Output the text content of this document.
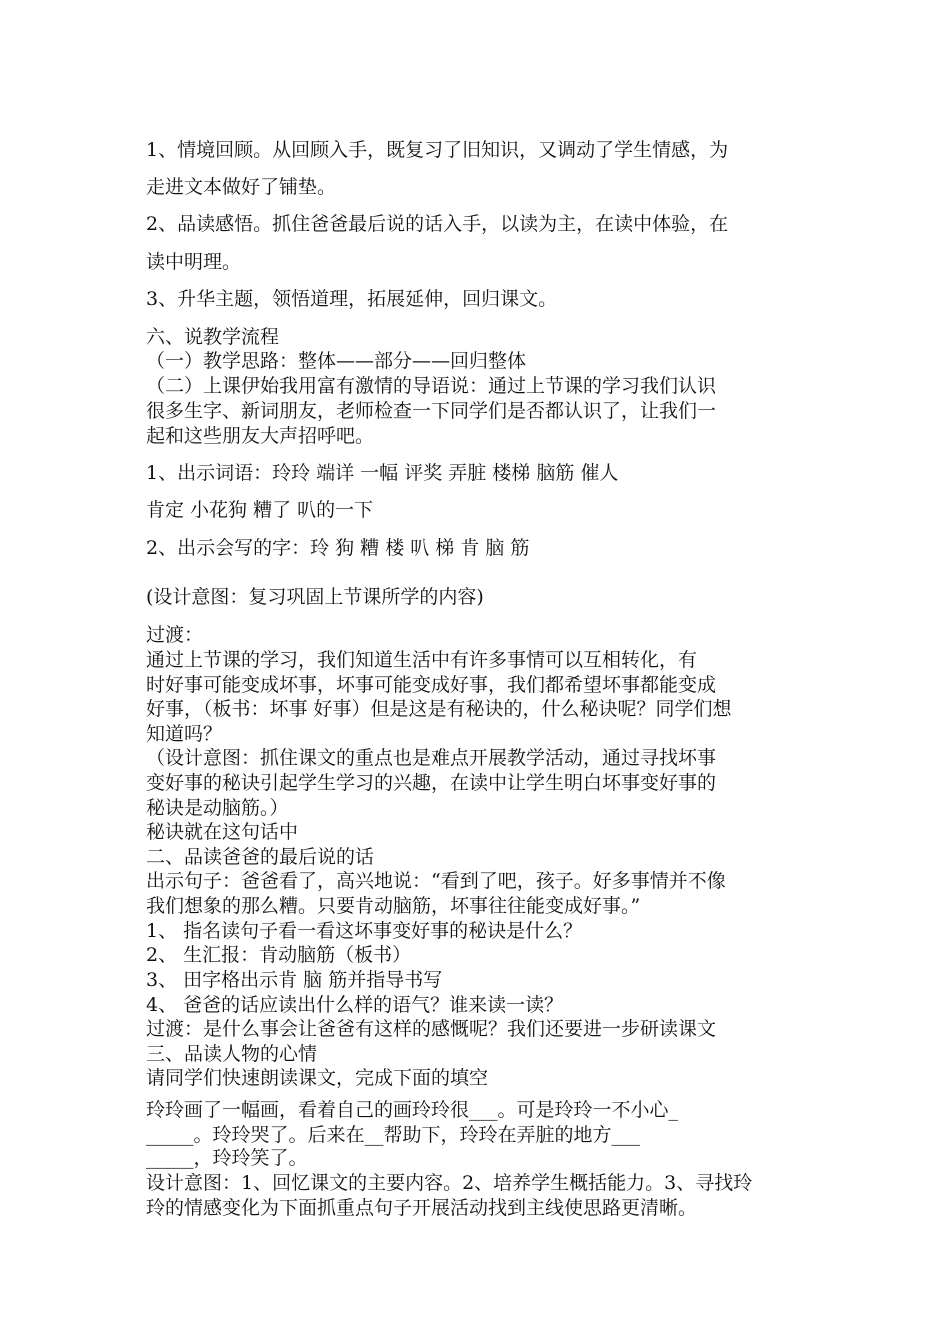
1、情境回顾。从回顾入手，既复习了旧知识，又调动了学生情感，为
走进文本做好了铺垫。
2、品读感悟。抓住爸爸最后说的话入手，以读为主，在读中体验，在
读中明理。
3、升华主题，领悟道理，拓展延伸，回归课文。
六、说教学流程
（一）教学思路：整体——部分——回归整体
（二）上课伊始我用富有激情的导语说：通过上节课的学习我们认识
很多生字、新词朋友，老师检查一下同学们是否都认识了，让我们一
起和这些朋友大声招呼吧。
1、出示词语：玲玲 端详 一幅 评奖 弄脏 楼梯 脑筋 催人
肯定 小花狗 糟了 叭的一下
2、出示会写的字：玲 狗 糟 楼 叭 梯 肯 脑 筋
(设计意图：复习巩固上节课所学的内容)
过渡：
通过上节课的学习，我们知道生活中有许多事情可以互相转化，有
时好事可能变成坏事，坏事可能变成好事，我们都希望坏事都能变成
好事，（板书：坏事 好事）但是这是有秘诀的，什么秘诀呢？同学们想
知道吗？
（设计意图：抓住课文的重点也是难点开展教学活动，通过寻找坏事
变好事的秘诀引起学生学习的兴趣，在读中让学生明白坏事变好事的
秘诀是动脑筋。）
秘诀就在这句话中
二、品读爸爸的最后说的话
出示句子：爸爸看了，高兴地说：“看到了吧，孩子。好多事情并不像
我们想象的那么糟。只要肯动脑筋，坏事往往能变成好事。”
1、 指名读句子看一看这坏事变好事的秘诀是什么？
2、 生汇报：肯动脑筋（板书）
3、 田字格出示肯 脑 筋并指导书写
4、 爸爸的话应读出什么样的语气？谁来读一读？
过渡：是什么事会让爸爸有这样的感慨呢？我们还要进一步研读课文
三、品读人物的心情
请同学们快速朗读课文，完成下面的填空
玲玲画了一幅画，看着自己的画玲玲很___。可是玲玲一不小心_
_____。玲玲哭了。后来在__帮助下，玲玲在弄脏的地方___
_____，玲玲笑了。
设计意图：1、回忆课文的主要内容。2、培养学生概括能力。3、寻找玲
玲的情感变化为下面抓重点句子开展活动找到主线使思路更清晰。
